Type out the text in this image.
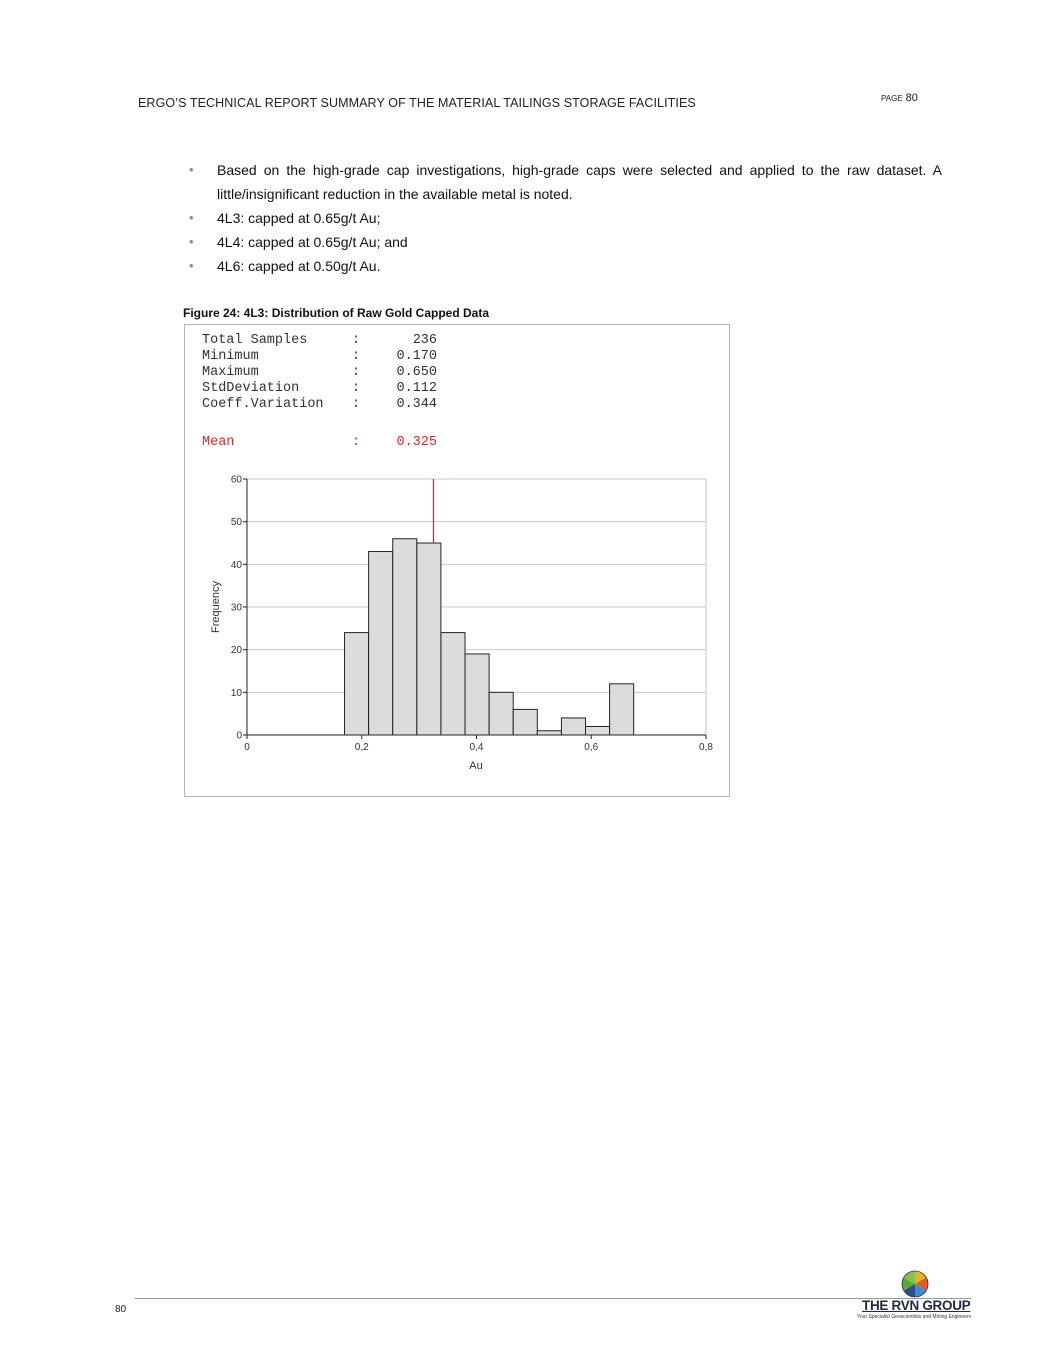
ERGO’S TECHNICAL REPORT SUMMARY OF THE MATERIAL TAILINGS STORAGE FACILITIES	PAGE 80
• Based on the high-grade cap investigations, high-grade caps were selected and applied to the raw dataset. A little/insignificant reduction in the available metal is noted.
• 4L3: capped at 0.65g/t Au;
• 4L4: capped at 0.65g/t Au; and
• 4L6: capped at 0.50g/t Au.
Figure 24: 4L3: Distribution of Raw Gold Capped Data
Total Samples	:	236
Minimum	:	0.170
Maximum	:	0.650
StdDeviation	:	0.112
Coeff.Variation :	0.344
Mean	:	0.325
0
10
20
30
40
50
60
0	0,2	0,4	0,6	0,8
Frequency
Au
80	THE RVN GROUP
Your Specialist Geoscientists and Mining Engineers
